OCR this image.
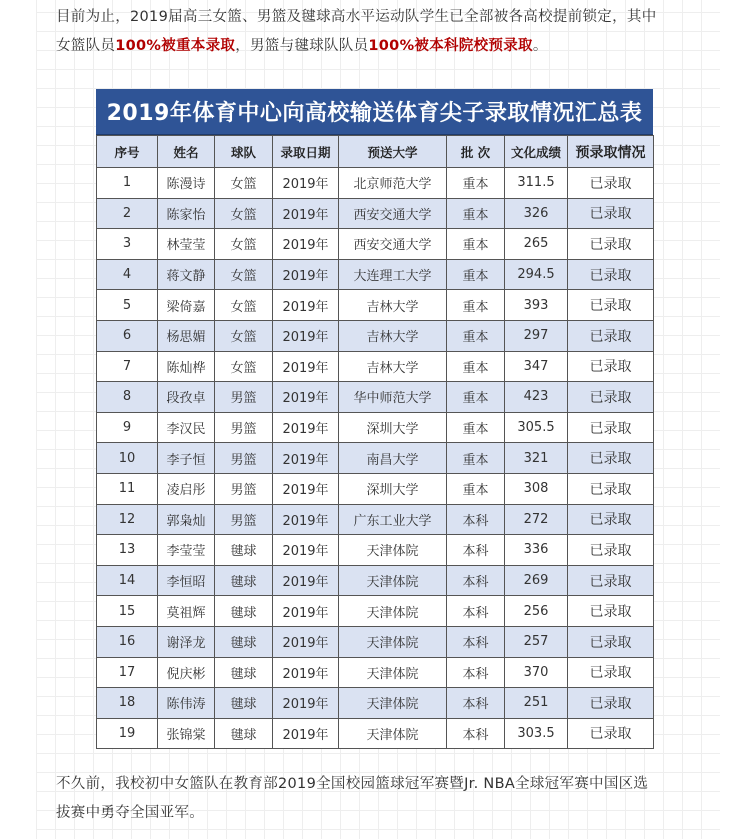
目前为止，2019届高三女篮、男篮及毽球高水平运动队学生已全部被各高校提前锁定，其中
女篮队员100%被重本录取，男篮与毽球队队员100%被本科院校预录取。
2019年体育中心向高校输送体育尖子录取情况汇总表
序号	姓名	球队	录取日期	预送大学	批 次	文化成绩	预录取情况
1	陈漫诗	女篮	2019年	北京师范大学	重本	311.5	已录取
2	陈家怡	女篮	2019年	西安交通大学	重本	326	已录取
3	林莹莹	女篮	2019年	西安交通大学	重本	265	已录取
4	蒋文静	女篮	2019年	大连理工大学	重本	294.5	已录取
5	梁倚嘉	女篮	2019年	吉林大学	重本	393	已录取
6	杨思媚	女篮	2019年	吉林大学	重本	297	已录取
7	陈灿桦	女篮	2019年	吉林大学	重本	347	已录取
8	段孜卓	男篮	2019年	华中师范大学	重本	423	已录取
9	李汉民	男篮	2019年	深圳大学	重本	305.5	已录取
10	李子恒	男篮	2019年	南昌大学	重本	321	已录取
11	凌启彤	男篮	2019年	深圳大学	重本	308	已录取
12	郭枭灿	男篮	2019年	广东工业大学	本科	272	已录取
13	李莹莹	毽球	2019年	天津体院	本科	336	已录取
14	李恒昭	毽球	2019年	天津体院	本科	269	已录取
15	莫祖辉	毽球	2019年	天津体院	本科	256	已录取
16	谢泽龙	毽球	2019年	天津体院	本科	257	已录取
17	倪庆彬	毽球	2019年	天津体院	本科	370	已录取
18	陈伟涛	毽球	2019年	天津体院	本科	251	已录取
19	张锦棠	毽球	2019年	天津体院	本科	303.5	已录取
不久前，我校初中女篮队在教育部2019全国校园篮球冠军赛暨Jr. NBA全球冠军赛中国区选
拔赛中勇夺全国亚军。
